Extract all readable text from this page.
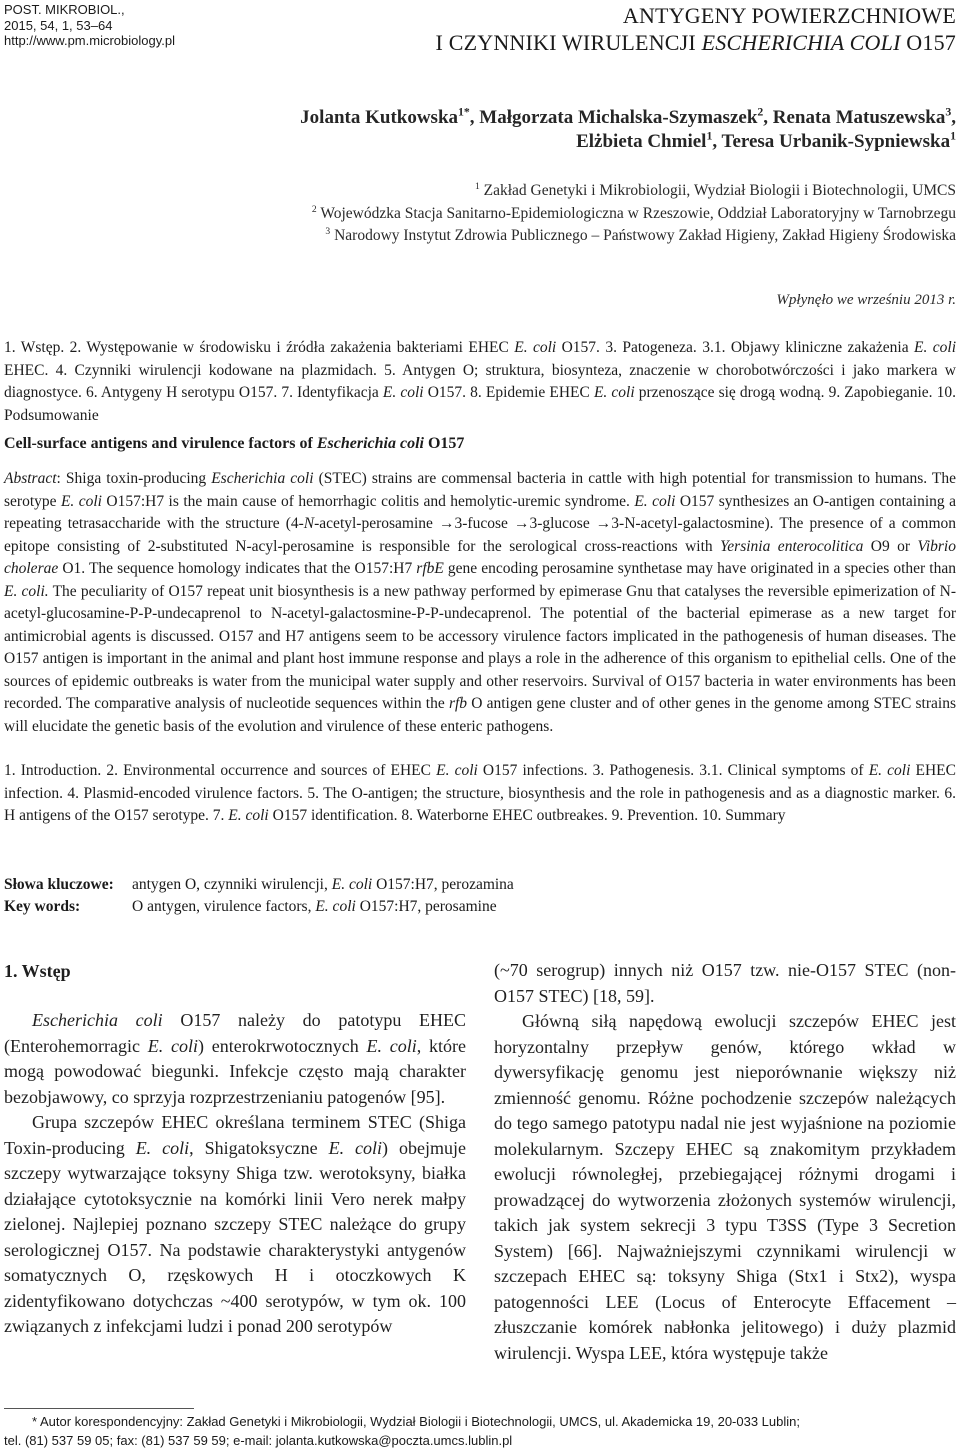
POST. MIKROBIOL.,
2015, 54, 1, 53–64
http://www.pm.microbiology.pl
ANTYGENY POWIERZCHNIOWE
I CZYNNIKI WIRULENCJI ESCHERICHIA COLI O157
Jolanta Kutkowska$^{1*}$, Małgorzata Michalska-Szymaszek$^2$, Renata Matuszewska$^3$,
Elżbieta Chmiel$^1$, Teresa Urbanik-Sypniewska$^1$
$^1$ Zakład Genetyki i Mikrobiologii, Wydział Biologii i Biotechnologii, UMCS
$^2$ Wojewódzka Stacja Sanitarno-Epidemiologiczna w Rzeszowie, Oddział Laboratoryjny w Tarnobrzegu
$^3$ Narodowy Instytut Zdrowia Publicznego – Państwowy Zakład Higieny, Zakład Higieny Środowiska
Wpłynęło we wrześniu 2013 r.

1. Wstęp. 2. Występowanie w środowisku i źródła zakażenia bakteriami EHEC E. coli O157. 3. Patogeneza. 3.1. Objawy kliniczne zakażenia E. coli EHEC. 4. Czynniki wirulencji kodowane na plazmidach. 5. Antygen O; struktura, biosynteza, znaczenie w chorobotwórczości i jako markera w diagnostyce. 6. Antygeny H serotypu O157. 7. Identyfikacja E. coli O157. 8. Epidemie EHEC E. coli przenoszące się drogą wodną. 9. Zapobieganie. 10. Podsumowanie

Cell-surface antigens and virulence factors of Escherichia coli O157

Abstract: Shiga toxin-producing Escherichia coli (STEC) strains are commensal bacteria in cattle with high potential for transmission to humans. The serotype E. coli O157:H7 is the main cause of hemorrhagic colitis and hemolytic-uremic syndrome. E. coli O157 synthesizes an O-antigen containing a repeating tetrasaccharide with the structure (4-N-acetyl-perosamine →3-fucose →3-glucose →3-N-acetyl-galactosmine). The presence of a common epitope consisting of 2-substituted N-acyl-perosamine is responsible for the serological cross-reactions with Yersinia enterocolitica O9 or Vibrio cholerae O1. The sequence homology indicates that the O157:H7 rfbE gene encoding perosamine synthetase may have originated in a species other than E. coli. The peculiarity of O157 repeat unit biosynthesis is a new pathway performed by epimerase Gnu that catalyses the reversible epimerization of N-acetyl-glucosamine-P-P-undecaprenol to N-acetyl-galactosmine-P-P-undecaprenol. The potential of the bacterial epimerase as a new target for antimicrobial agents is discussed. O157 and H7 antigens seem to be accessory virulence factors implicated in the pathogenesis of human diseases. The O157 antigen is important in the animal and plant host immune response and plays a role in the adherence of this organism to epithelial cells. One of the sources of epidemic outbreaks is water from the municipal water supply and other reservoirs. Survival of O157 bacteria in water environments has been recorded. The comparative analysis of nucleotide sequences within the rfb O antigen gene cluster and of other genes in the genome among STEC strains will elucidate the genetic basis of the evolution and virulence of these enteric pathogens.

1. Introduction. 2. Environmental occurrence and sources of EHEC E. coli O157 infections. 3. Pathogenesis. 3.1. Clinical symptoms of E. coli EHEC infection. 4. Plasmid-encoded virulence factors. 5. The O-antigen; the structure, biosynthesis and the role in pathogenesis and as a diagnostic marker. 6. H antigens of the O157 serotype. 7. E. coli O157 identification. 8. Waterborne EHEC outbreakes. 9. Prevention. 10. Summary

Słowa kluczowe:	antygen O, czynniki wirulencji, E. coli O157:H7, perozamina
Key words:	O antygen, virulence factors, E. coli O157:H7, perosamine
1. Wstęp

Escherichia coli O157 należy do patotypu EHEC (Enterohemorragic E. coli) enterokrwotocznych E. coli, które mogą powodować biegunki. Infekcje często mają charakter bezobjawowy, co sprzyja rozprzestrzenianiu patogenów [95].

Grupa szczepów EHEC określana terminem STEC (Shiga Toxin-producing E. coli, Shigatoksyczne E. coli) obejmuje szczepy wytwarzające toksyny Shiga tzw. werotoksyny, białka działające cytotoksycznie na komórki linii Vero nerek małpy zielonej. Najlepiej poznano szczepy STEC należące do grupy serologicznej O157. Na podstawie charakterystyki antygenów somatycznych O, rzęskowych H i otoczkowych K zidentyfikowano dotychczas ~400 serotypów, w tym ok. 100 związanych z infekcjami ludzi i ponad 200 serotypów

(~70 serogrup) innych niż O157 tzw. nie-O157 STEC (non-O157 STEC) [18, 59].

Główną siłą napędową ewolucji szczepów EHEC jest horyzontalny przepływ genów, którego wkład w dywersyfikację genomu jest nieporównanie większy niż zmienność genomu. Różne pochodzenie szczepów należących do tego samego patotypu nadal nie jest wyjaśnione na poziomie molekularnym. Szczepy EHEC są znakomitym przykładem ewolucji równoległej, przebiegającej różnymi drogami i prowadzącej do wytworzenia złożonych systemów wirulencji, takich jak system sekrecji 3 typu T3SS (Type 3 Secretion System) [66]. Najważniejszymi czynnikami wirulencji w szczepach EHEC są: toksyny Shiga (Stx1 i Stx2), wyspa patogenności LEE (Locus of Enterocyte Effacement – złuszczanie komórek nabłonka jelitowego) i duży plazmid wirulencji. Wyspa LEE, która występuje także

* Autor korespondencyjny: Zakład Genetyki i Mikrobiologii, Wydział Biologii i Biotechnologii, UMCS, ul. Akademicka 19, 20-033 Lublin;
tel. (81) 537 59 05; fax: (81) 537 59 59; e-mail: jolanta.kutkowska@poczta.umcs.lublin.pl
